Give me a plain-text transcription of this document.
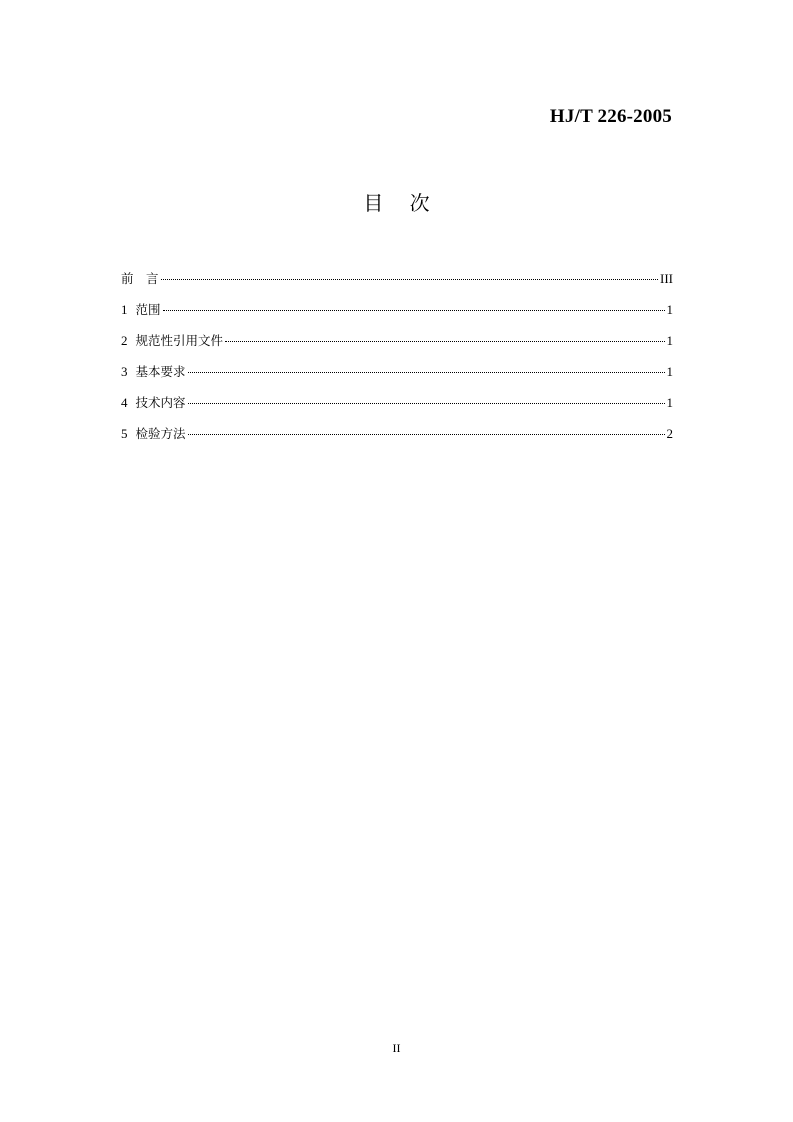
HJ/T 226-2005
目 次
前　言	III
1 范围	1
2 规范性引用文件	1
3 基本要求	1
4 技术内容	1
5 检验方法	2
II
